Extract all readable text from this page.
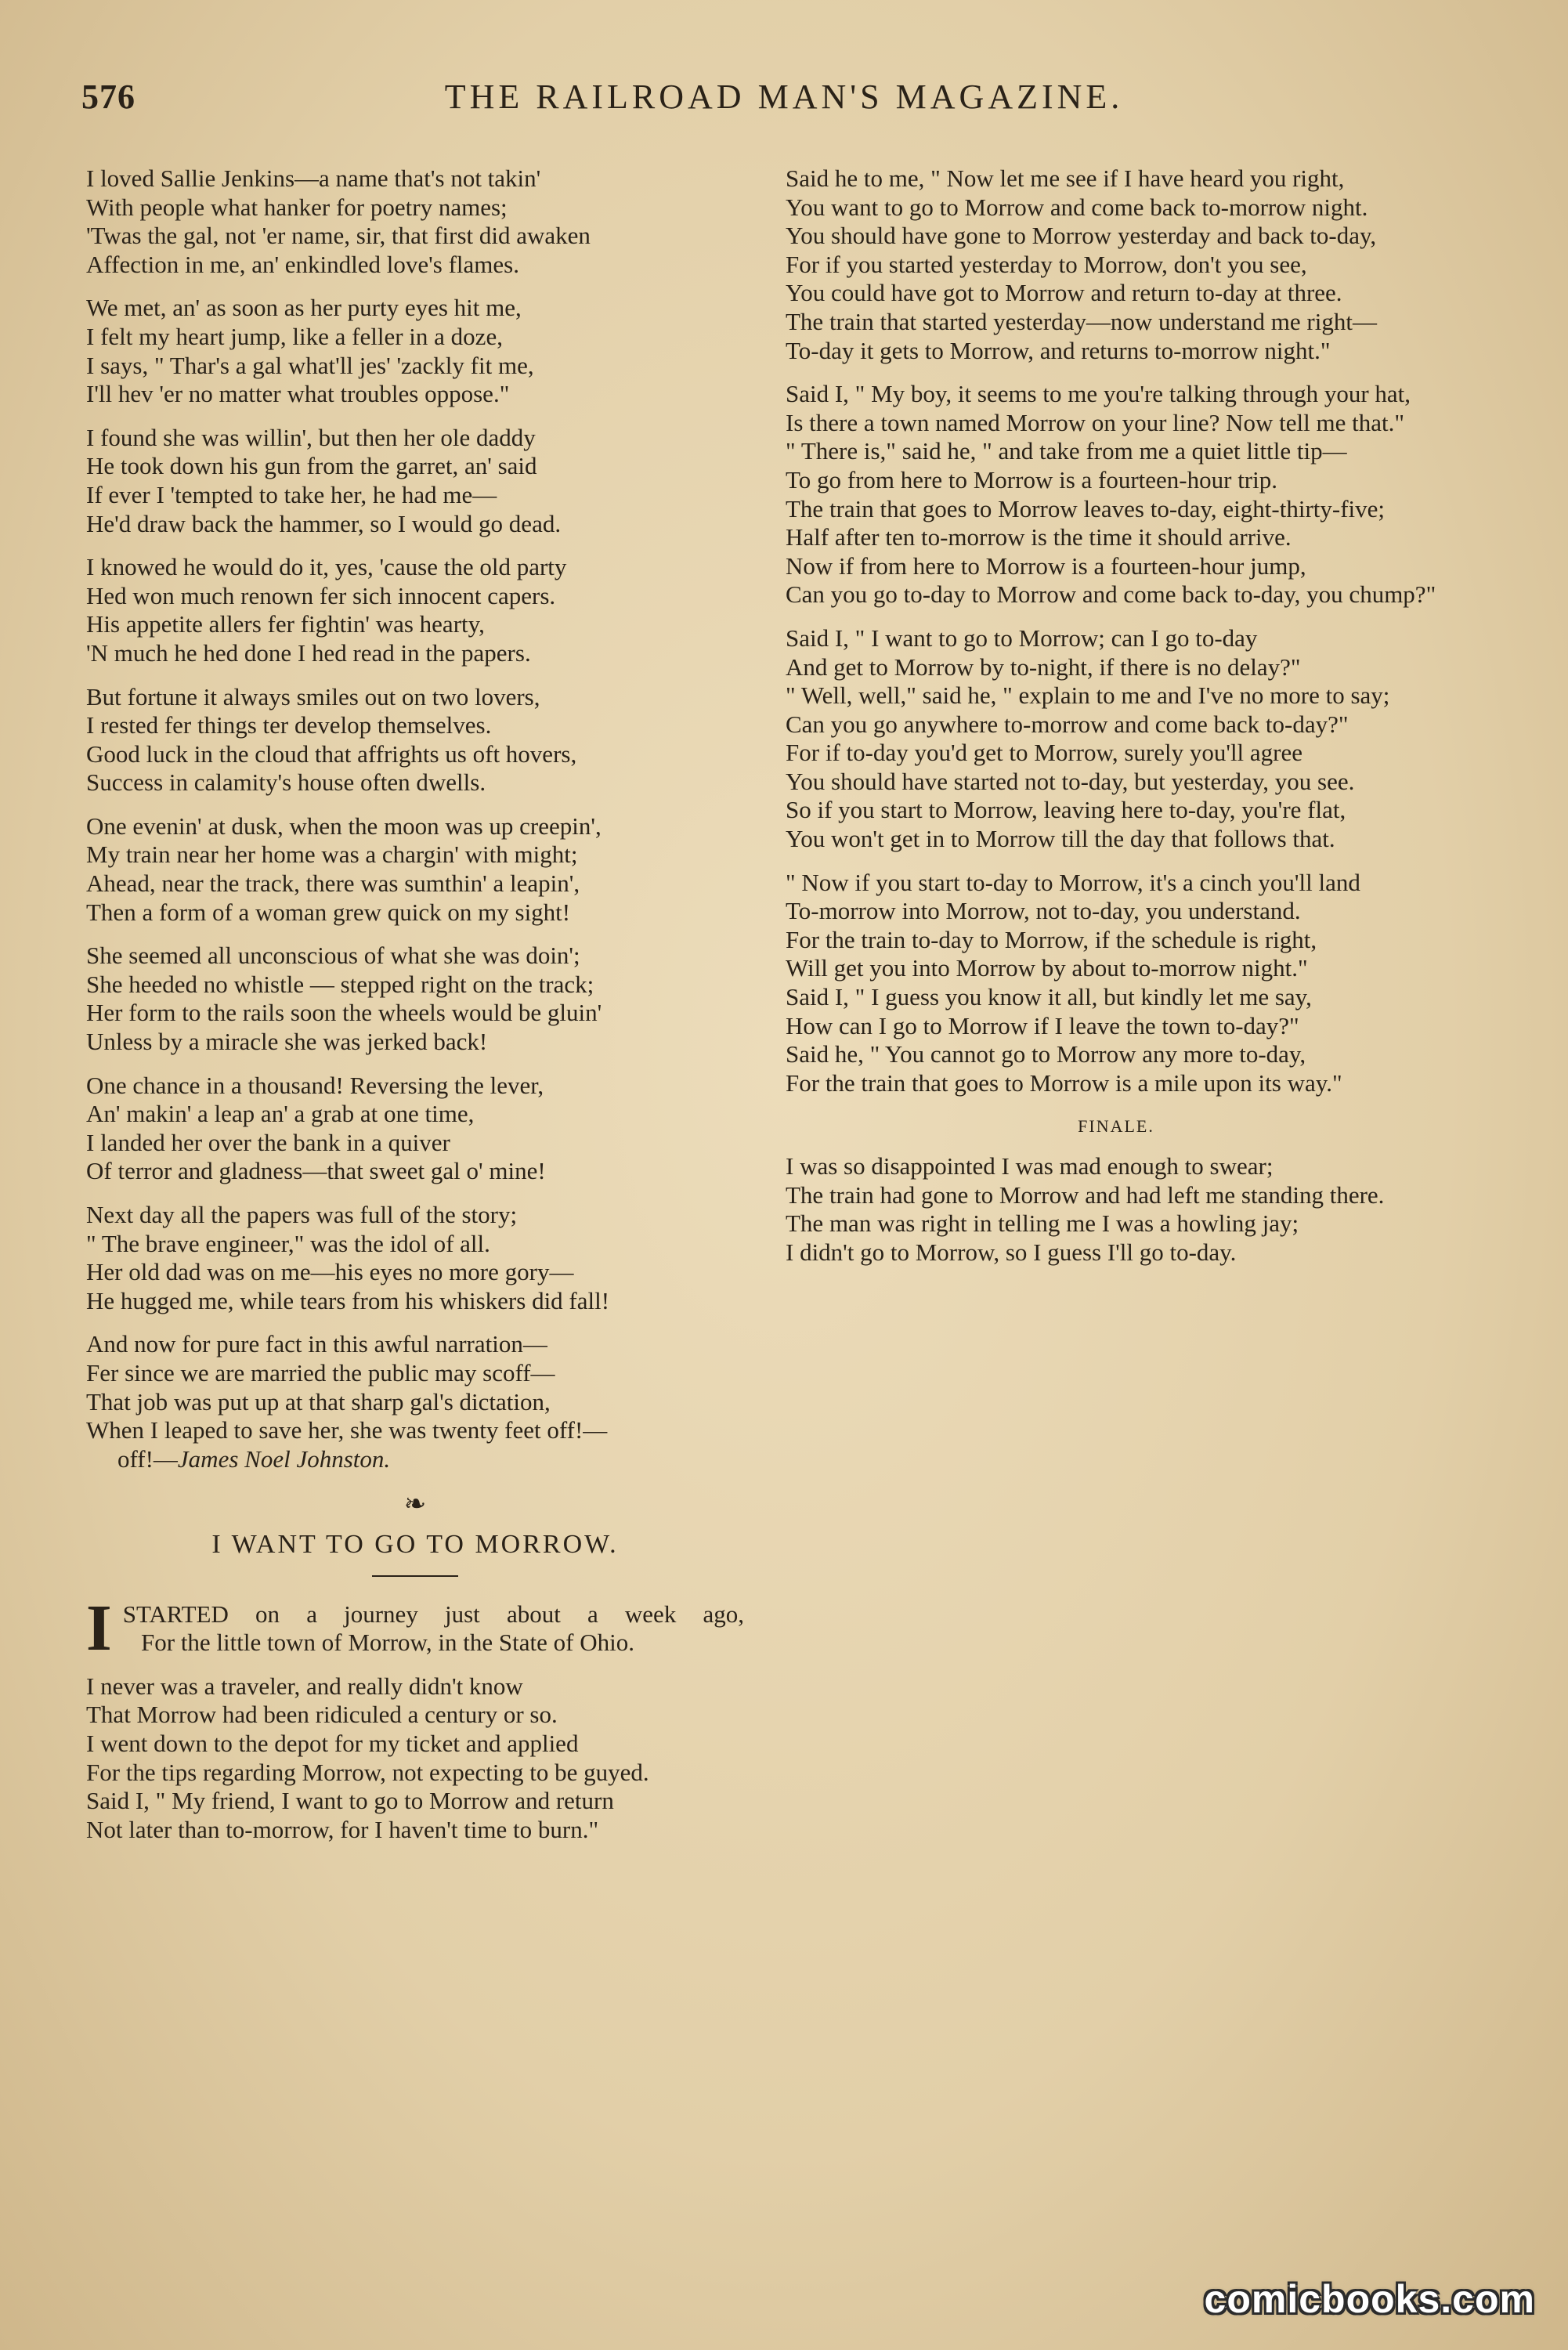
576	THE RAILROAD MAN'S MAGAZINE.
I loved Sallie Jenkins—a name that's not takin'
With people what hanker for poetry names;
'Twas the gal, not 'er name, sir, that first did awaken
Affection in me, an' enkindled love's flames.
We met, an' as soon as her purty eyes hit me,
I felt my heart jump, like a feller in a doze,
I says, " Thar's a gal what'll jes' 'zackly fit me,
I'll hev 'er no matter what troubles oppose."
I found she was willin', but then her ole daddy
He took down his gun from the garret, an' said
If ever I 'tempted to take her, he had me—
He'd draw back the hammer, so I would go dead.
I knowed he would do it, yes, 'cause the old party
Hed won much renown fer sich innocent capers.
His appetite allers fer fightin' was hearty,
'N much he hed done I hed read in the papers.
But fortune it always smiles out on two lovers,
I rested fer things ter develop themselves.
Good luck in the cloud that affrights us oft hovers,
Success in calamity's house often dwells.
One evenin' at dusk, when the moon was up creepin',
My train near her home was a chargin' with might;
Ahead, near the track, there was sumthin' a leapin',
Then a form of a woman grew quick on my sight!
She seemed all unconscious of what she was doin';
She heeded no whistle — stepped right on the track;
Her form to the rails soon the wheels would be gluin'
Unless by a miracle she was jerked back!
One chance in a thousand! Reversing the lever,
An' makin' a leap an' a grab at one time,
I landed her over the bank in a quiver
Of terror and gladness—that sweet gal o' mine!
Next day all the papers was full of the story;
" The brave engineer," was the idol of all.
Her old dad was on me—his eyes no more gory—
He hugged me, while tears from his whiskers did fall!
And now for pure fact in this awful narration—
Fer since we are married the public may scoff—
That job was put up at that sharp gal's dictation,
When I leaped to save her, she was twenty feet off!—
off!—James Noel Johnston.
❧
I WANT TO GO TO MORROW.
I STARTED on a journey just about a week ago,
For the little town of Morrow, in the State of Ohio.
I never was a traveler, and really didn't know
That Morrow had been ridiculed a century or so.
I went down to the depot for my ticket and applied
For the tips regarding Morrow, not expecting to be guyed.
Said I, " My friend, I want to go to Morrow and return
Not later than to-morrow, for I haven't time to burn."
Said he to me, " Now let me see if I have heard you right,
You want to go to Morrow and come back to-morrow night.
You should have gone to Morrow yesterday and back to-day,
For if you started yesterday to Morrow, don't you see,
You could have got to Morrow and return to-day at three.
The train that started yesterday—now understand me right—
To-day it gets to Morrow, and returns to-morrow night."
Said I, " My boy, it seems to me you're talking through your hat,
Is there a town named Morrow on your line? Now tell me that."
" There is," said he, " and take from me a quiet little tip—
To go from here to Morrow is a fourteen-hour trip.
The train that goes to Morrow leaves to-day, eight-thirty-five;
Half after ten to-morrow is the time it should arrive.
Now if from here to Morrow is a fourteen-hour jump,
Can you go to-day to Morrow and come back to-day, you chump?"
Said I, " I want to go to Morrow; can I go to-day
And get to Morrow by to-night, if there is no delay?"
" Well, well," said he, " explain to me and I've no more to say;
Can you go anywhere to-morrow and come back to-day?"
For if to-day you'd get to Morrow, surely you'll agree
You should have started not to-day, but yesterday, you see.
So if you start to Morrow, leaving here to-day, you're flat,
You won't get in to Morrow till the day that follows that.
" Now if you start to-day to Morrow, it's a cinch you'll land
To-morrow into Morrow, not to-day, you understand.
For the train to-day to Morrow, if the schedule is right,
Will get you into Morrow by about to-morrow night."
Said I, " I guess you know it all, but kindly let me say,
How can I go to Morrow if I leave the town to-day?"
Said he, " You cannot go to Morrow any more to-day,
For the train that goes to Morrow is a mile upon its way."
FINALE.
I was so disappointed I was mad enough to swear;
The train had gone to Morrow and had left me standing there.
The man was right in telling me I was a howling jay;
I didn't go to Morrow, so I guess I'll go to-day.
comicbooks.com
